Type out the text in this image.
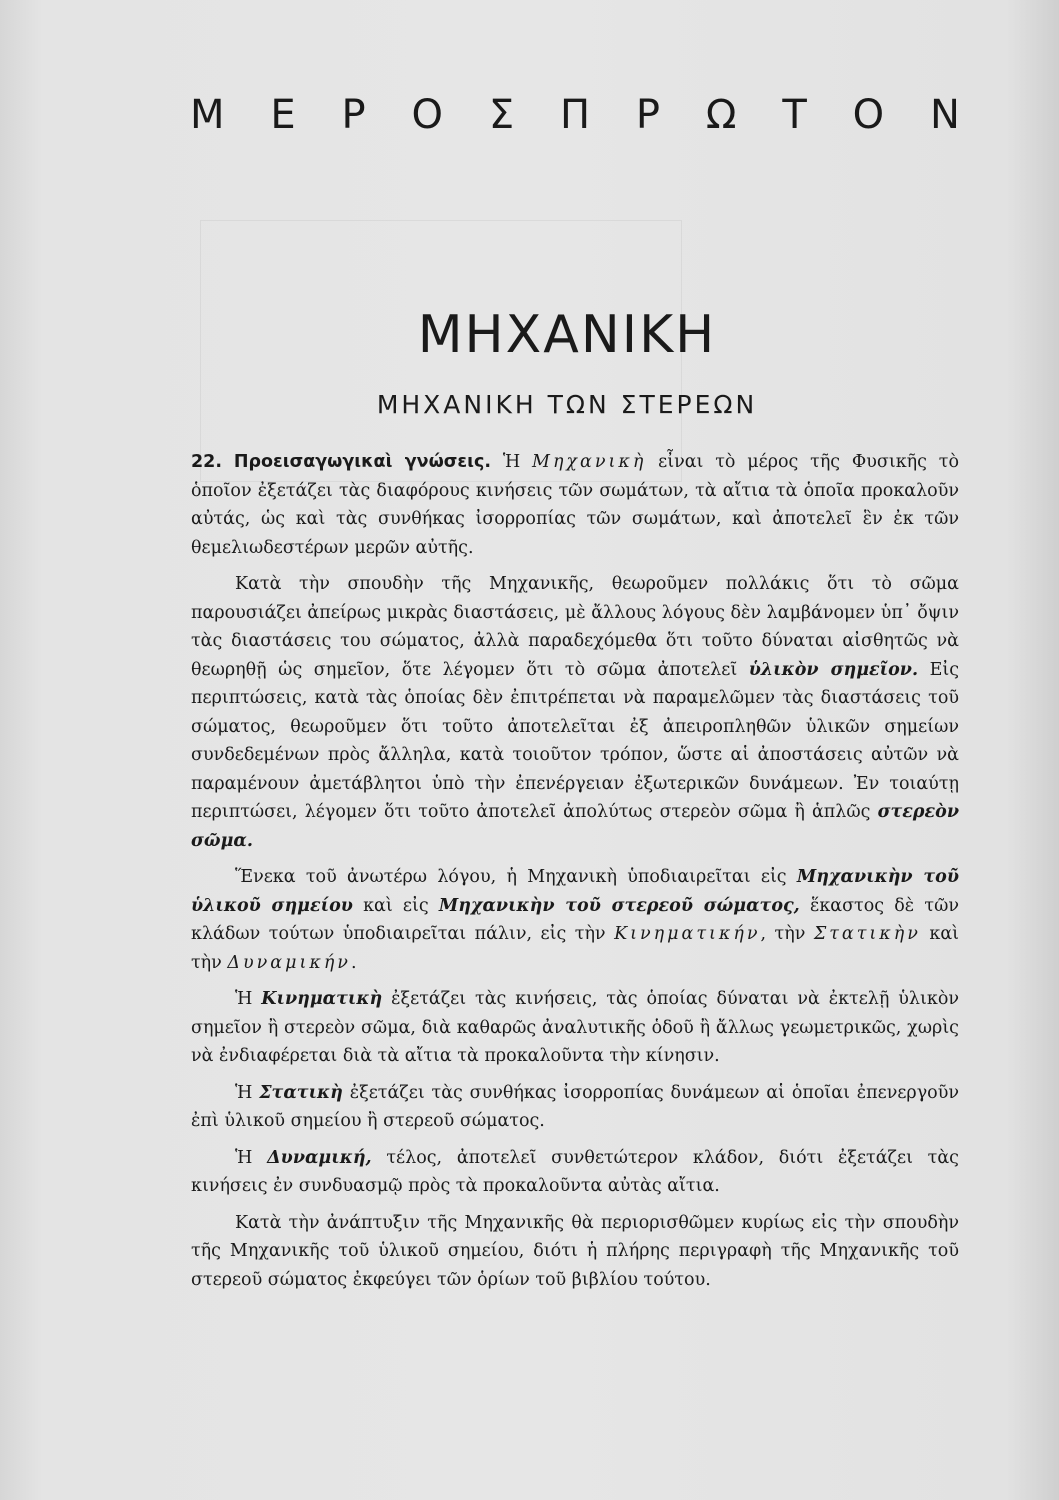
Μ Ε Ρ Ο Σ Π Ρ Ω Τ Ο Ν
ΜΗΧΑΝΙΚΗ
ΜΗΧΑΝΙΚΗ ΤΩΝ ΣΤΕΡΕΩΝ

22. Προεισαγωγικαὶ γνώσεις. Ἡ Μηχανικὴ εἶναι τὸ μέρος τῆς Φυσικῆς τὸ ὁποῖον ἐξετάζει τὰς διαφόρους κινήσεις τῶν σωμάτων, τὰ αἴτια τὰ ὁποῖα προκαλοῦν αὐτάς, ὡς καὶ τὰς συνθήκας ἰσορροπίας τῶν σωμάτων, καὶ ἀποτελεῖ ἓν ἐκ τῶν θεμελιωδεστέρων μερῶν αὐτῆς.

Κατὰ τὴν σπουδὴν τῆς Μηχανικῆς, θεωροῦμεν πολλάκις ὅτι τὸ σῶμα παρουσιάζει ἀπείρως μικρὰς διαστάσεις, μὲ ἄλλους λόγους δὲν λαμβάνομεν ὑπ᾽ ὄψιν τὰς διαστάσεις του σώματος, ἀλλὰ παραδεχόμεθα ὅτι τοῦτο δύναται αἰσθητῶς νὰ θεωρηθῇ ὡς σημεῖον, ὅτε λέγομεν ὅτι τὸ σῶμα ἀποτελεῖ ὑλικὸν σημεῖον. Εἰς περιπτώσεις, κατὰ τὰς ὁποίας δὲν ἐπιτρέπεται νὰ παραμελῶμεν τὰς διαστάσεις τοῦ σώματος, θεωροῦμεν ὅτι τοῦτο ἀποτελεῖται ἐξ ἀπειροπληθῶν ὑλικῶν σημείων συνδεδεμένων πρὸς ἄλληλα, κατὰ τοιοῦτον τρόπον, ὥστε αἱ ἀποστάσεις αὐτῶν νὰ παραμένουν ἀμετάβλητοι ὑπὸ τὴν ἐπενέργειαν ἐξωτερικῶν δυνάμεων. Ἐν τοιαύτῃ περιπτώσει, λέγομεν ὅτι τοῦτο ἀποτελεῖ ἀπολύτως στερεὸν σῶμα ἢ ἁπλῶς στερεὸν σῶμα.

Ἕνεκα τοῦ ἀνωτέρω λόγου, ἡ Μηχανικὴ ὑποδιαιρεῖται εἰς Μηχανικὴν τοῦ ὑλικοῦ σημείου καὶ εἰς Μηχανικὴν τοῦ στερεοῦ σώματος, ἕκαστος δὲ τῶν κλάδων τούτων ὑποδιαιρεῖται πάλιν, εἰς τὴν Κινηματικήν, τὴν Στατικὴν καὶ τὴν Δυναμικήν.

Ἡ Κινηματικὴ ἐξετάζει τὰς κινήσεις, τὰς ὁποίας δύναται νὰ ἐκτελῇ ὑλικὸν σημεῖον ἢ στερεὸν σῶμα, διὰ καθαρῶς ἀναλυτικῆς ὁδοῦ ἢ ἄλλως γεωμετρικῶς, χωρὶς νὰ ἐνδιαφέρεται διὰ τὰ αἴτια τὰ προκαλοῦντα τὴν κίνησιν.

Ἡ Στατικὴ ἐξετάζει τὰς συνθήκας ἰσορροπίας δυνάμεων αἱ ὁποῖαι ἐπενεργοῦν ἐπὶ ὑλικοῦ σημείου ἢ στερεοῦ σώματος.

Ἡ Δυναμική, τέλος, ἀποτελεῖ συνθετώτερον κλάδον, διότι ἐξετάζει τὰς κινήσεις ἐν συνδυασμῷ πρὸς τὰ προκαλοῦντα αὐτὰς αἴτια.

Κατὰ τὴν ἀνάπτυξιν τῆς Μηχανικῆς θὰ περιορισθῶμεν κυρίως εἰς τὴν σπουδὴν τῆς Μηχανικῆς τοῦ ὑλικοῦ σημείου, διότι ἡ πλήρης περιγραφὴ τῆς Μηχανικῆς τοῦ στερεοῦ σώματος ἐκφεύγει τῶν ὁρίων τοῦ βιβλίου τούτου.
